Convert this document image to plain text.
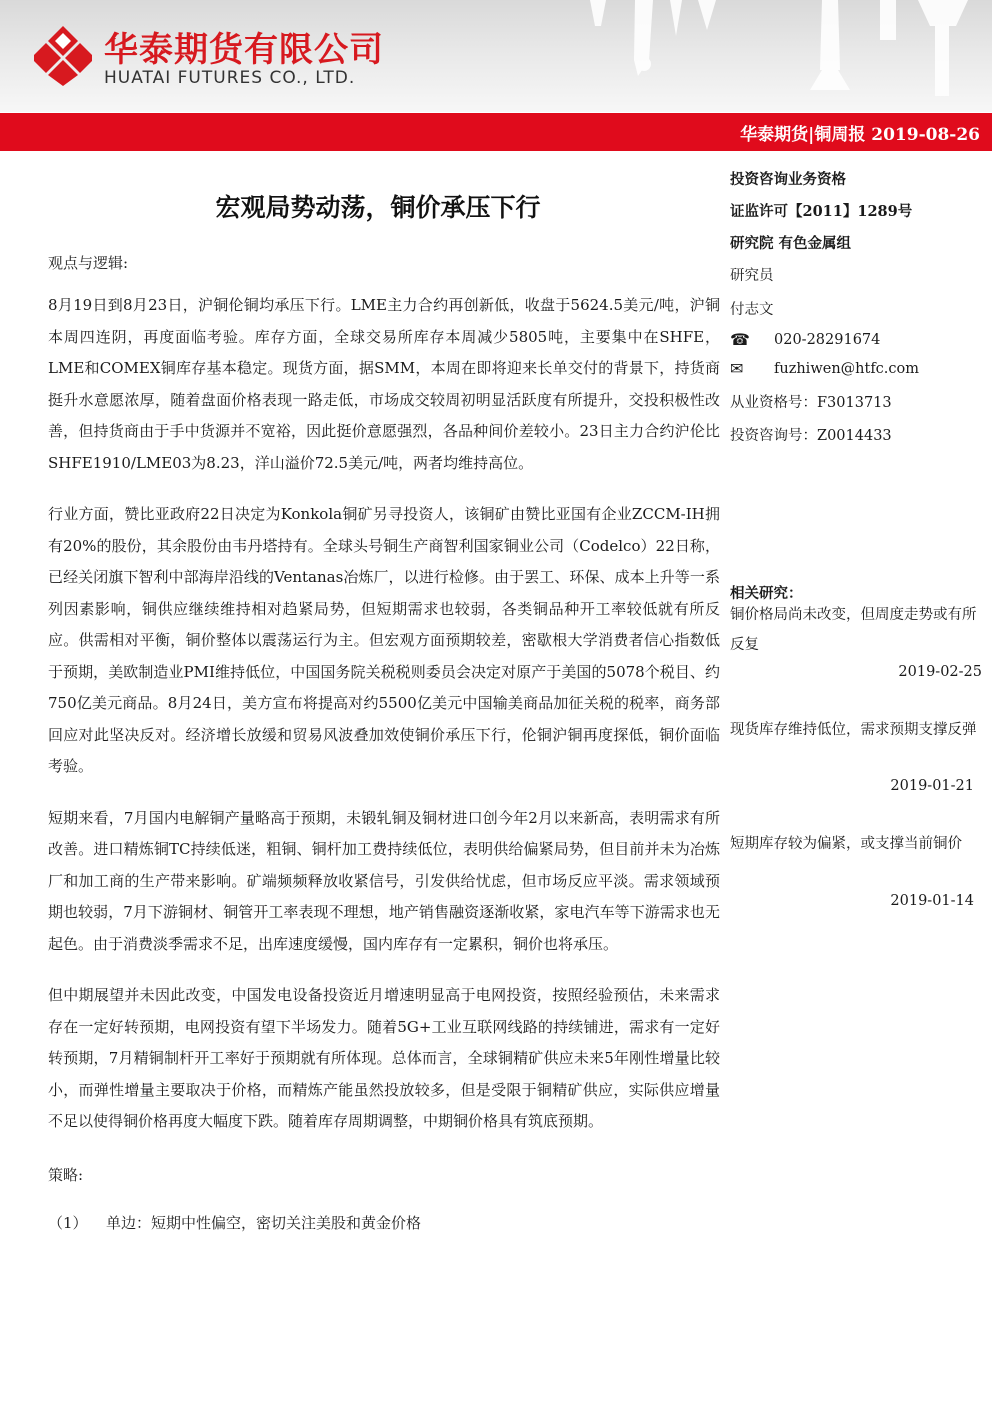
华泰期货有限公司
HUATAI FUTURES CO., LTD.
华泰期货|铜周报 2019-08-26
宏观局势动荡，铜价承压下行

观点与逻辑:

8月19日到8月23日，沪铜伦铜均承压下行。LME主力合约再创新低，收盘于5624.5美元/吨，沪铜本周四连阴，再度面临考验。库存方面，全球交易所库存本周减少5805吨，主要集中在SHFE，LME和COMEX铜库存基本稳定。现货方面，据SMM，本周在即将迎来长单交付的背景下，持货商挺升水意愿浓厚，随着盘面价格表现一路走低，市场成交较周初明显活跃度有所提升，交投积极性改善，但持货商由于手中货源并不宽裕，因此挺价意愿强烈，各品种间价差较小。23日主力合约沪伦比SHFE1910/LME03为8.23，洋山溢价72.5美元/吨，两者均维持高位。

行业方面，赞比亚政府22日决定为Konkola铜矿另寻投资人，该铜矿由赞比亚国有企业ZCCM-IH拥有20%的股份，其余股份由韦丹塔持有。全球头号铜生产商智利国家铜业公司（Codelco）22日称，已经关闭旗下智利中部海岸沿线的Ventanas冶炼厂，以进行检修。由于罢工、环保、成本上升等一系列因素影响，铜供应继续维持相对趋紧局势，但短期需求也较弱，各类铜品种开工率较低就有所反应。供需相对平衡，铜价整体以震荡运行为主。但宏观方面预期较差，密歇根大学消费者信心指数低于预期，美欧制造业PMI维持低位，中国国务院关税税则委员会决定对原产于美国的5078个税目、约750亿美元商品。8月24日，美方宣布将提高对约5500亿美元中国输美商品加征关税的税率，商务部回应对此坚决反对。经济增长放缓和贸易风波叠加效使铜价承压下行，伦铜沪铜再度探低，铜价面临考验。

短期来看，7月国内电解铜产量略高于预期，未锻轧铜及铜材进口创今年2月以来新高，表明需求有所改善。进口精炼铜TC持续低迷，粗铜、铜杆加工费持续低位，表明供给偏紧局势，但目前并未为冶炼厂和加工商的生产带来影响。矿端频频释放收紧信号，引发供给忧虑，但市场反应平淡。需求领域预期也较弱，7月下游铜材、铜管开工率表现不理想，地产销售融资逐渐收紧，家电汽车等下游需求也无起色。由于消费淡季需求不足，出库速度缓慢，国内库存有一定累积，铜价也将承压。

但中期展望并未因此改变，中国发电设备投资近月增速明显高于电网投资，按照经验预估，未来需求存在一定好转预期，电网投资有望下半场发力。随着5G+工业互联网线路的持续铺进，需求有一定好转预期，7月精铜制杆开工率好于预期就有所体现。总体而言，全球铜精矿供应未来5年刚性增量比较小，而弹性增量主要取决于价格，而精炼产能虽然投放较多，但是受限于铜精矿供应，实际供应增量不足以使得铜价格再度大幅度下跌。随着库存周期调整，中期铜价格具有筑底预期。

策略:

（1） 单边：短期中性偏空，密切关注美股和黄金价格

投资咨询业务资格
证监许可【2011】1289号
研究院 有色金属组
研究员
付志文
☎	020-28291674
✉	fuzhiwen@htfc.com
从业资格号：F3013713
投资咨询号：Z0014433
相关研究：
铜价格局尚未改变，但周度走势或有所反复
2019-02-25
现货库存维持低位，需求预期支撑反弹
2019-01-21
短期库存较为偏紧，或支撑当前铜价
2019-01-14
